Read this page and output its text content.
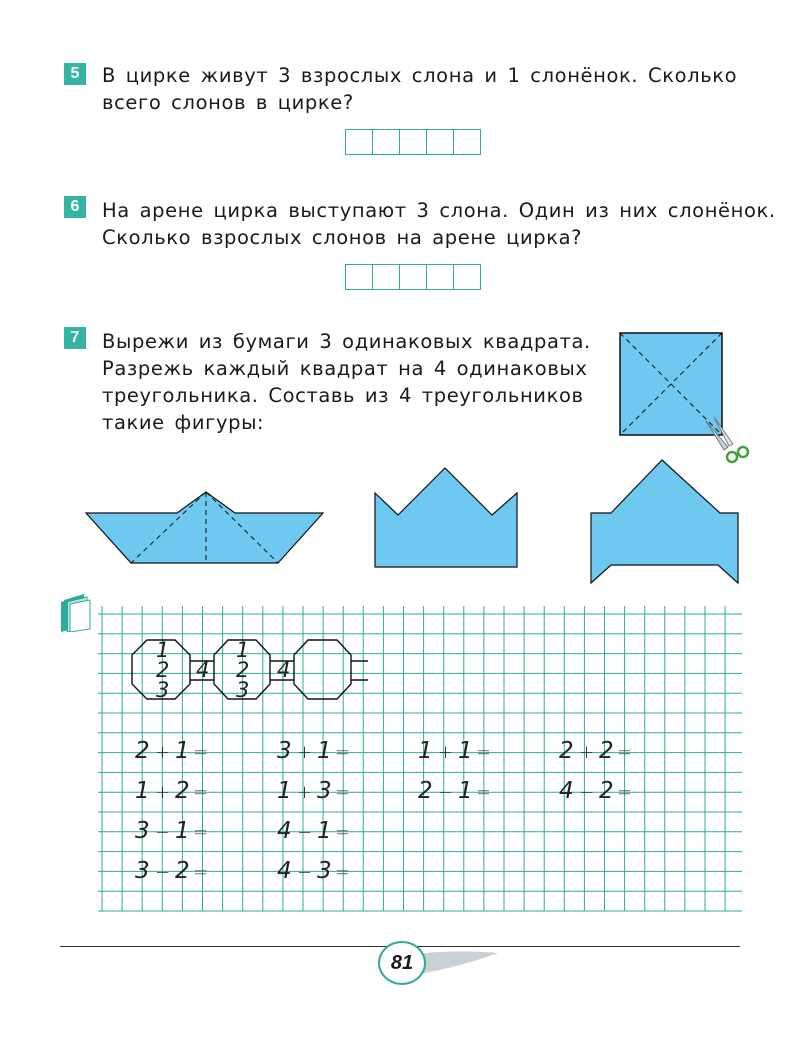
5	В цирке живут 3 взрослых слона и 1 слонёнок. Сколько
всего слонов в цирке?
6	На арене цирка выступают 3 слона. Один из них слонёнок.
Сколько взрослых слонов на арене цирка?
7	Вырежи из бумаги 3 одинаковых квадрата.
Разрежь каждый квадрат на 4 одинаковых
треугольника. Составь из 4 треугольников
такие фигуры:
1
2
3
4
1
2
3
4
2 + 1 =	3 + 1 =	1 + 1 =	2 + 2 =
1 + 2 =	1 + 3 =	2 − 1 =	4 − 2 =
3 − 1 =	4 − 1 =
3 − 2 =	4 − 3 =
81
